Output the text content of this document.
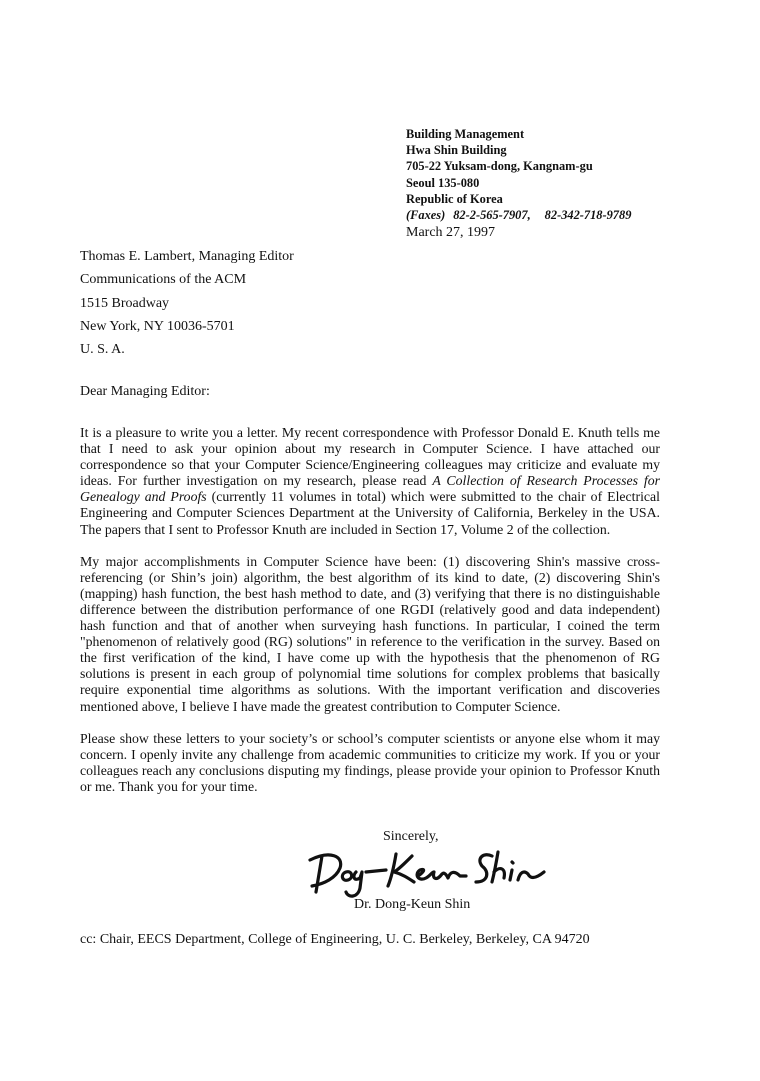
Building Management
Hwa Shin Building
705-22 Yuksam-dong, Kangnam-gu
Seoul 135-080
Republic of Korea
(Faxes) 82-2-565-7907, 82-342-718-9789
March 27, 1997
Thomas E. Lambert, Managing Editor
Communications of the ACM
1515 Broadway
New York, NY 10036-5701
U. S. A.
Dear Managing Editor:

It is a pleasure to write you a letter. My recent correspondence with Professor Donald E. Knuth tells me that I need to ask your opinion about my research in Computer Science. I have attached our correspondence so that your Computer Science/Engineering colleagues may criticize and evaluate my ideas. For further investigation on my research, please read A Collection of Research Processes for Genealogy and Proofs (currently 11 volumes in total) which were submitted to the chair of Electrical Engineering and Computer Sciences Department at the University of California, Berkeley in the USA. The papers that I sent to Professor Knuth are included in Section 17, Volume 2 of the collection.

My major accomplishments in Computer Science have been: (1) discovering Shin's massive cross-referencing (or Shin’s join) algorithm, the best algorithm of its kind to date, (2) discovering Shin's (mapping) hash function, the best hash method to date, and (3) verifying that there is no distinguishable difference between the distribution performance of one RGDI (relatively good and data independent) hash function and that of another when surveying hash functions. In particular, I coined the term "phenomenon of relatively good (RG) solutions" in reference to the verification in the survey. Based on the first verification of the kind, I have come up with the hypothesis that the phenomenon of RG solutions is present in each group of polynomial time solutions for complex problems that basically require exponential time algorithms as solutions. With the important verification and discoveries mentioned above, I believe I have made the greatest contribution to Computer Science.

Please show these letters to your society’s or school’s computer scientists or anyone else whom it may concern. I openly invite any challenge from academic communities to criticize my work. If you or your colleagues reach any conclusions disputing my findings, please provide your opinion to Professor Knuth or me. Thank you for your time.

Sincerely,
Dr. Dong-Keun Shin
cc: Chair, EECS Department, College of Engineering, U. C. Berkeley, Berkeley, CA 94720
